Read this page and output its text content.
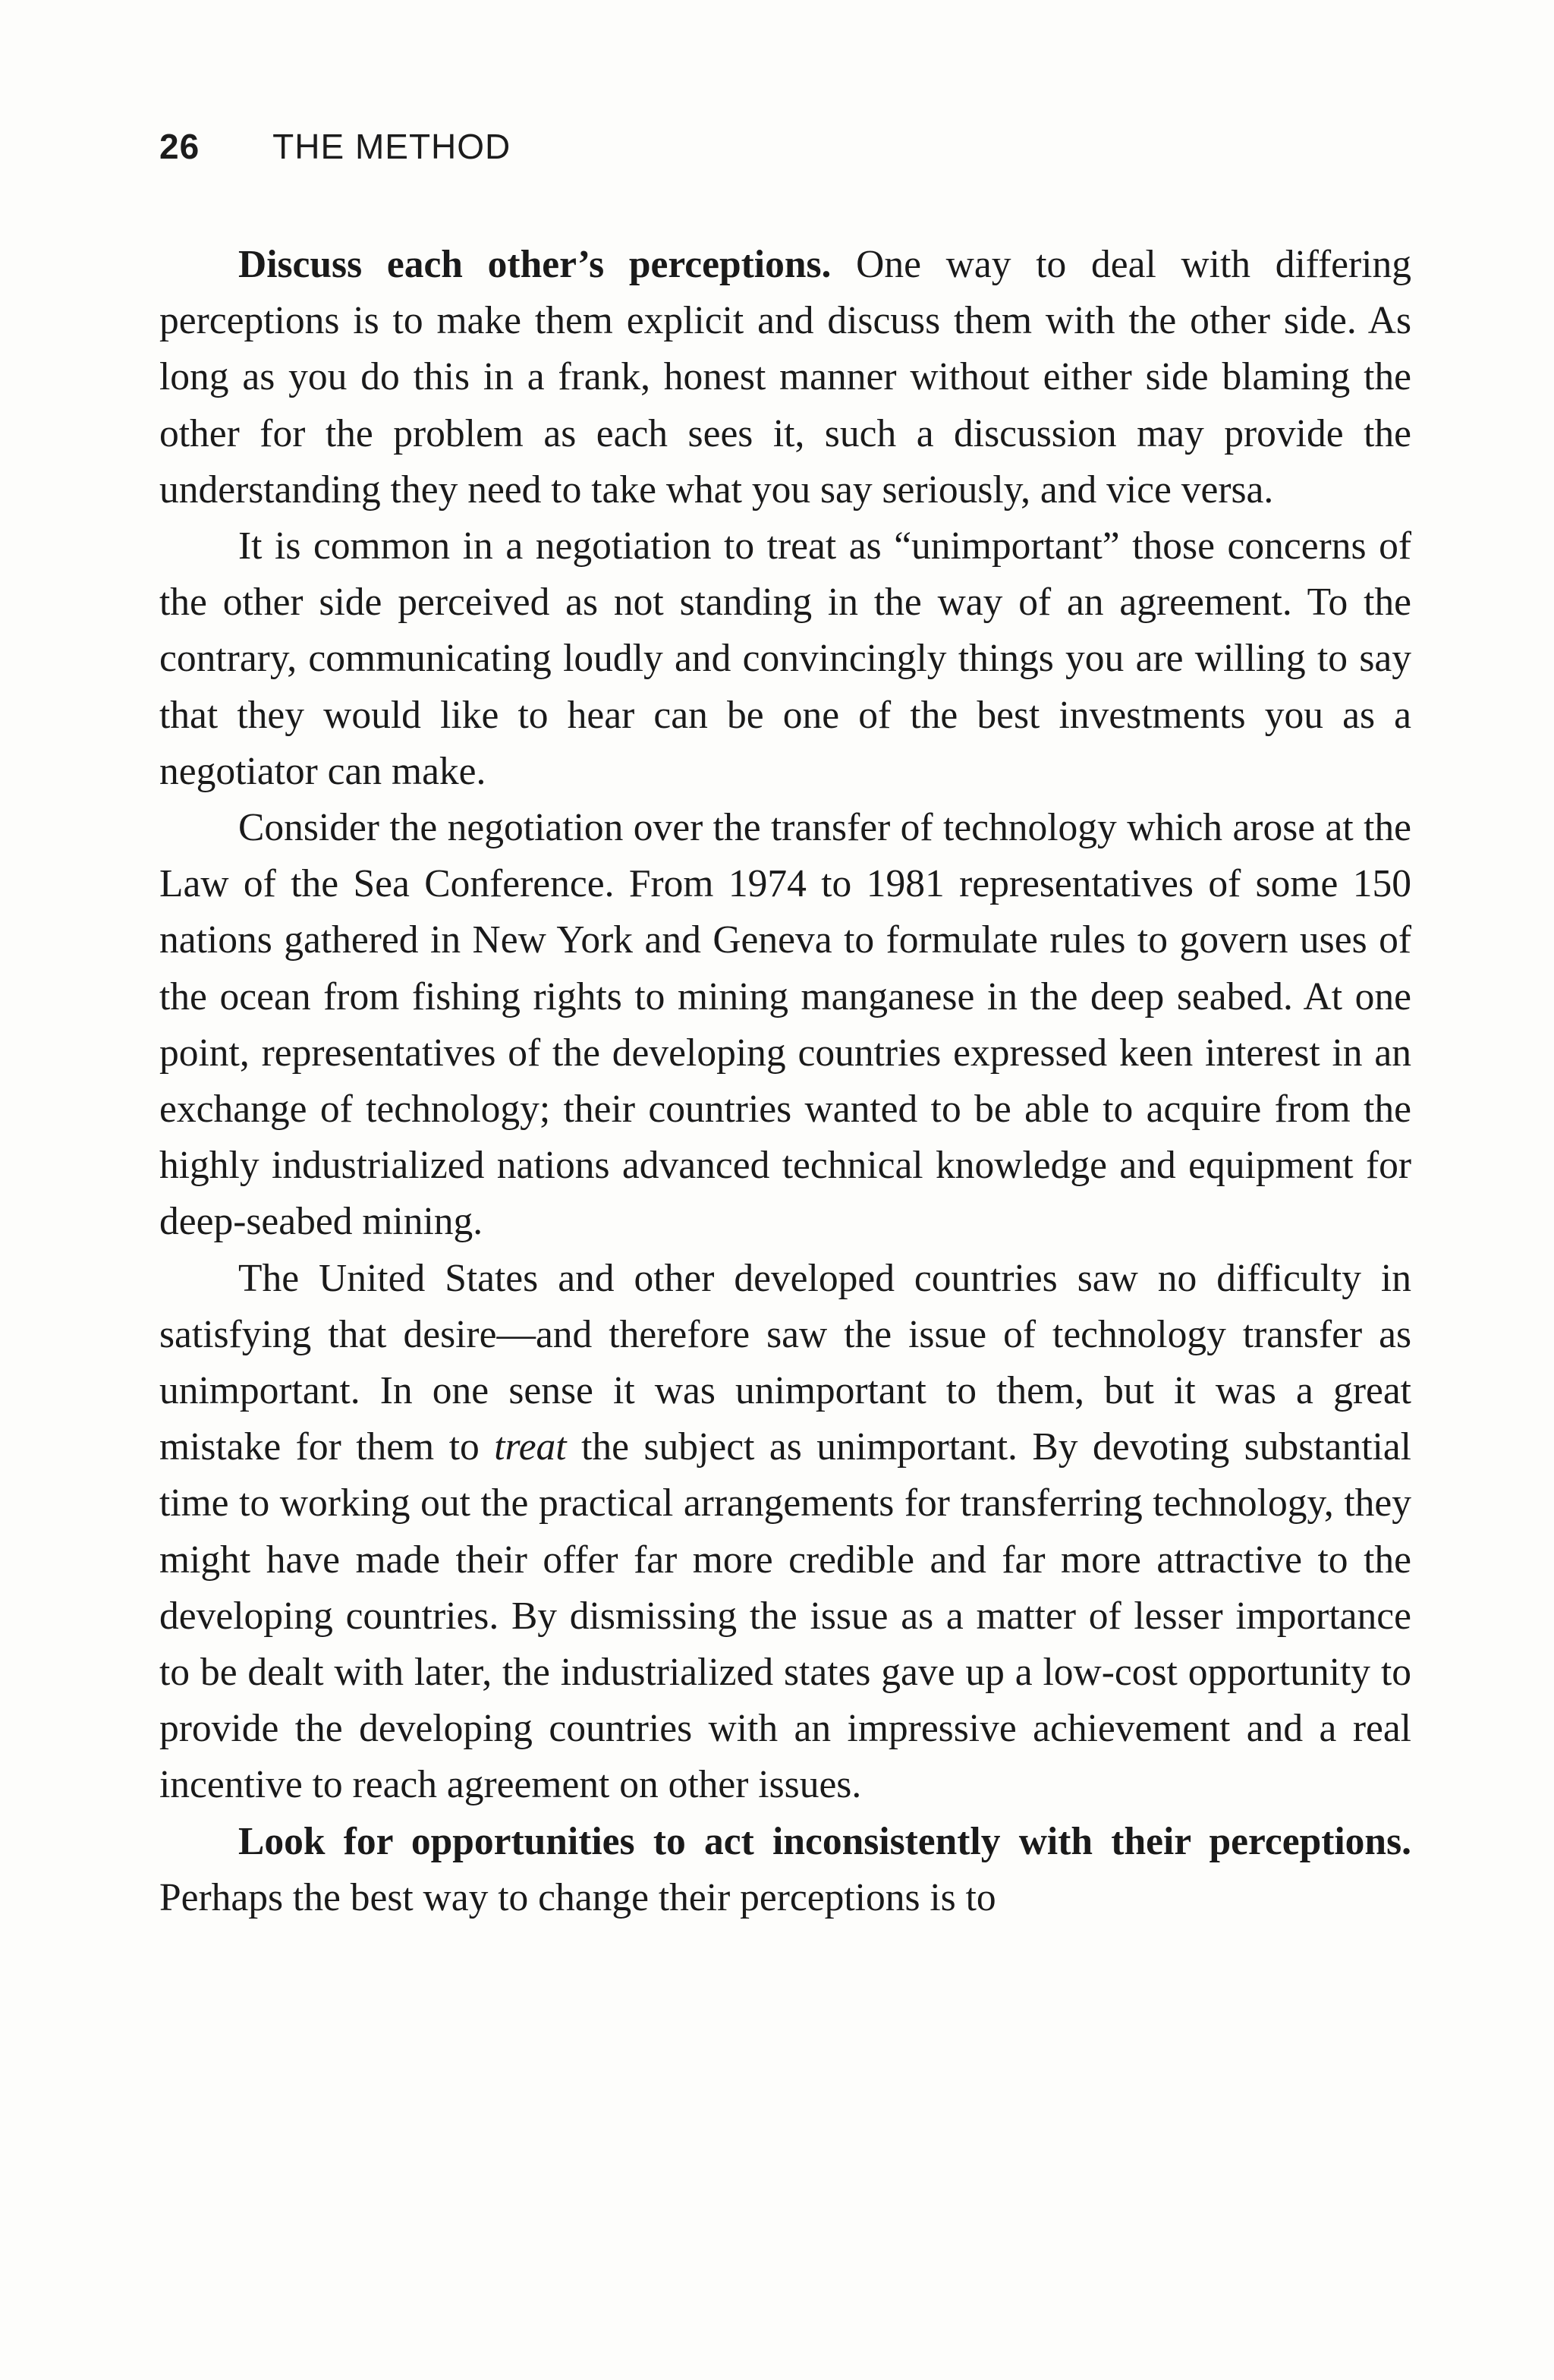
26 THE METHOD

Discuss each other’s perceptions. One way to deal with differing perceptions is to make them explicit and discuss them with the other side. As long as you do this in a frank, honest manner without either side blaming the other for the problem as each sees it, such a discussion may provide the understanding they need to take what you say seriously, and vice versa.

It is common in a negotiation to treat as “unimportant” those concerns of the other side perceived as not standing in the way of an agreement. To the contrary, communicating loudly and convincingly things you are willing to say that they would like to hear can be one of the best investments you as a negotiator can make.

Consider the negotiation over the transfer of technology which arose at the Law of the Sea Conference. From 1974 to 1981 representatives of some 150 nations gathered in New York and Geneva to formulate rules to govern uses of the ocean from fishing rights to mining manganese in the deep seabed. At one point, representatives of the developing countries expressed keen interest in an exchange of technology; their countries wanted to be able to acquire from the highly industrialized nations advanced technical knowledge and equipment for deep-seabed mining.

The United States and other developed countries saw no difficulty in satisfying that desire—and therefore saw the issue of technology transfer as unimportant. In one sense it was unimportant to them, but it was a great mistake for them to treat the subject as unimportant. By devoting substantial time to working out the practical arrangements for transferring technology, they might have made their offer far more credible and far more attractive to the developing countries. By dismissing the issue as a matter of lesser importance to be dealt with later, the industrialized states gave up a low-cost opportunity to provide the developing countries with an impressive achievement and a real incentive to reach agreement on other issues.

Look for opportunities to act inconsistently with their perceptions. Perhaps the best way to change their perceptions is to
